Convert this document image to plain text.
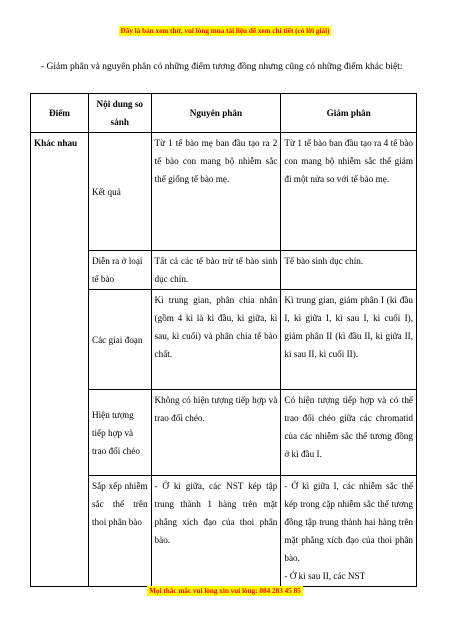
Đây là bản xem thử, vui lòng mua tài liệu để xem chi tiết (có lời giải)
- Giảm phân và nguyên phân có những điểm tương đồng nhưng cũng có những điểm khác biệt:
Điểm	Nội dung so sánh	Nguyên phân	Giảm phân
Khác nhau	Kết quả	Từ 1 tế bào mẹ ban đầu tạo ra 2 tế bào con mang bộ nhiễm sắc thể giống tế bào mẹ.	Từ 1 tế bào ban đầu tạo ra 4 tế bào con mang bộ nhiễm sắc thể giảm đi một nửa so với tế bào mẹ.
	Diễn ra ở loại tế bào	Tất cả các tế bào trừ tế bào sinh dục chín.	Tế bào sinh dục chín.
	Các giai đoạn	Kì trung gian, phân chia nhân (gồm 4 kì là kì đầu, kì giữa, kì sau, kì cuối) và phân chia tế bào chất.	Kì trung gian, giảm phân I (kì đầu I, kì giữa I, kì sau I, kì cuối I), giảm phân II (kì đầu II, kì giữa II, kì sau II, kì cuối II).
	Hiện tượng tiếp hợp và trao đổi chéo	Không có hiện tượng tiếp hợp và trao đổi chéo.	Có hiện tượng tiếp hợp và có thể trao đổi chéo giữa các chromatid của các nhiễm sắc thể tương đồng ở kì đầu I.
	Sắp xếp nhiễm sắc thể trên thoi phân bào	- Ở kì giữa, các NST kép tập trung thành 1 hàng trên mặt phẳng xích đạo của thoi phân bào.	- Ở kì giữa I, các nhiễm sắc thể kép trong cặp nhiễm sắc thể tương đồng tập trung thành hai hàng trên mặt phẳng xích đạo của thoi phân bào.
- Ở kì sau II, các NST
Mọi thắc mắc vui lòng xin vui lòng: 084 283 45 85
